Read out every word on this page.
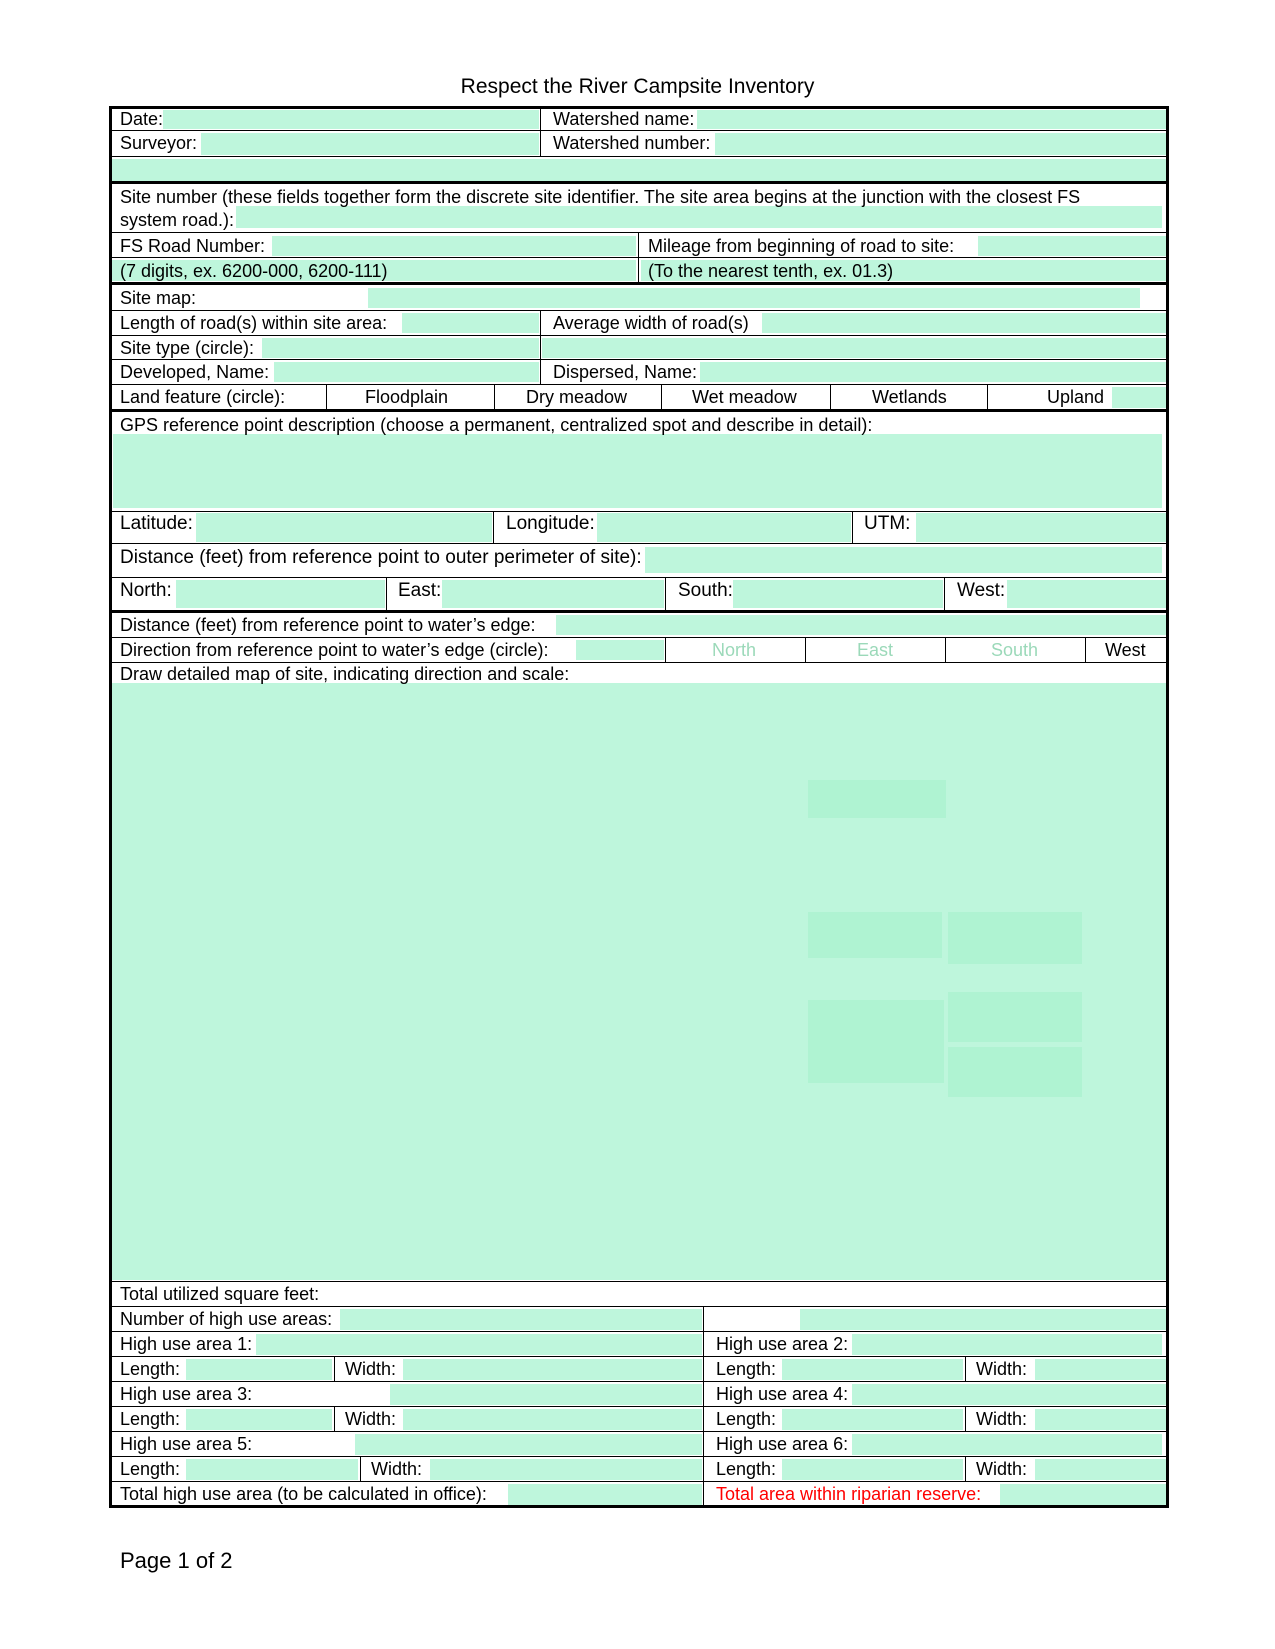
Respect the River Campsite Inventory
Date:	Watershed name:
Surveyor:	Watershed number:
Site number (these fields together form the discrete site identifier. The site area begins at the junction with the closest FS
system road.):
FS Road Number:	Mileage from beginning of road to site:
(7 digits, ex. 6200-000, 6200-111)	(To the nearest tenth, ex. 01.3)
Site map:
Length of road(s) within site area:	Average width of road(s)
Site type (circle):
Developed, Name:	Dispersed, Name:
Land feature (circle):	Floodplain	Dry meadow	Wet meadow	Wetlands	Upland
GPS reference point description (choose a permanent, centralized spot and describe in detail):
Latitude:	Longitude:	UTM:
Distance (feet) from reference point to outer perimeter of site):
North:	East:	South:	West:
Distance (feet) from reference point to water’s edge:
Direction from reference point to water’s edge (circle):	North	East	South	West
Draw detailed map of site, indicating direction and scale:
Total utilized square feet:
Number of high use areas:
High use area 1:	High use area 2:
Length:	Width:	Length:	Width:
High use area 3:	High use area 4:
Length:	Width:	Length:	Width:
High use area 5:	High use area 6:
Length:	Width:	Length:	Width:
Total high use area (to be calculated in office):	Total area within riparian reserve:
Page 1 of 2
